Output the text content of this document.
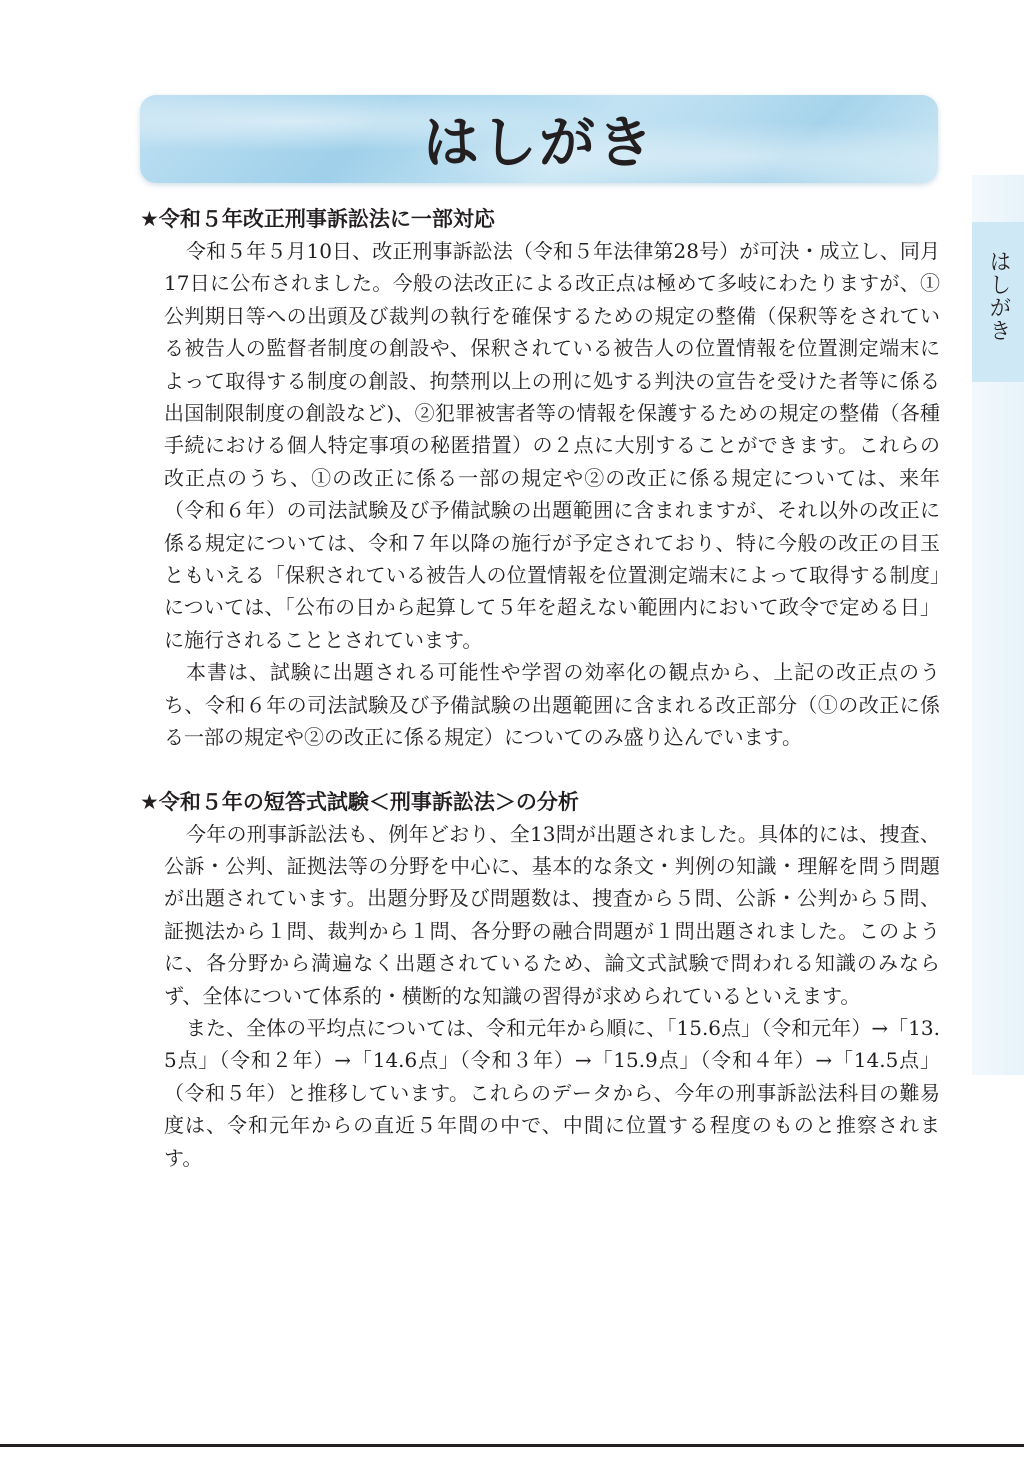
はしがき
はしがき
★令和５年改正刑事訴訟法に一部対応

令和５年５月10日、改正刑事訴訟法（令和５年法律第28号）が可決・成立し、同月17日に公布されました。今般の法改正による改正点は極めて多岐にわたりますが、①公判期日等への出頭及び裁判の執行を確保するための規定の整備（保釈等をされている被告人の監督者制度の創設や、保釈されている被告人の位置情報を位置測定端末によって取得する制度の創設、拘禁刑以上の刑に処する判決の宣告を受けた者等に係る出国制限制度の創設など)、②犯罪被害者等の情報を保護するための規定の整備（各種手続における個人特定事項の秘匿措置）の２点に大別することができます。これらの改正点のうち、①の改正に係る一部の規定や②の改正に係る規定については、来年（令和６年）の司法試験及び予備試験の出題範囲に含まれますが、それ以外の改正に係る規定については、令和７年以降の施行が予定されており、特に今般の改正の目玉ともいえる「保釈されている被告人の位置情報を位置測定端末によって取得する制度」については、「公布の日から起算して５年を超えない範囲内において政令で定める日」に施行されることとされています。

本書は、試験に出題される可能性や学習の効率化の観点から、上記の改正点のうち、令和６年の司法試験及び予備試験の出題範囲に含まれる改正部分（①の改正に係る一部の規定や②の改正に係る規定）についてのみ盛り込んでいます。

★令和５年の短答式試験＜刑事訴訟法＞の分析

今年の刑事訴訟法も、例年どおり、全13問が出題されました。具体的には、捜査、公訴・公判、証拠法等の分野を中心に、基本的な条文・判例の知識・理解を問う問題が出題されています。出題分野及び問題数は、捜査から５問、公訴・公判から５問、証拠法から１問、裁判から１問、各分野の融合問題が１問出題されました。このように、各分野から満遍なく出題されているため、論文式試験で問われる知識のみならず、全体について体系的・横断的な知識の習得が求められているといえます。

また、全体の平均点については、令和元年から順に、「15.6点」（令和元年）→「13.5点」（令和２年）→「14.6点」（令和３年）→「15.9点」（令和４年）→「14.5点」（令和５年）と推移しています。これらのデータから、今年の刑事訴訟法科目の難易度は、令和元年からの直近５年間の中で、中間に位置する程度のものと推察されます。
